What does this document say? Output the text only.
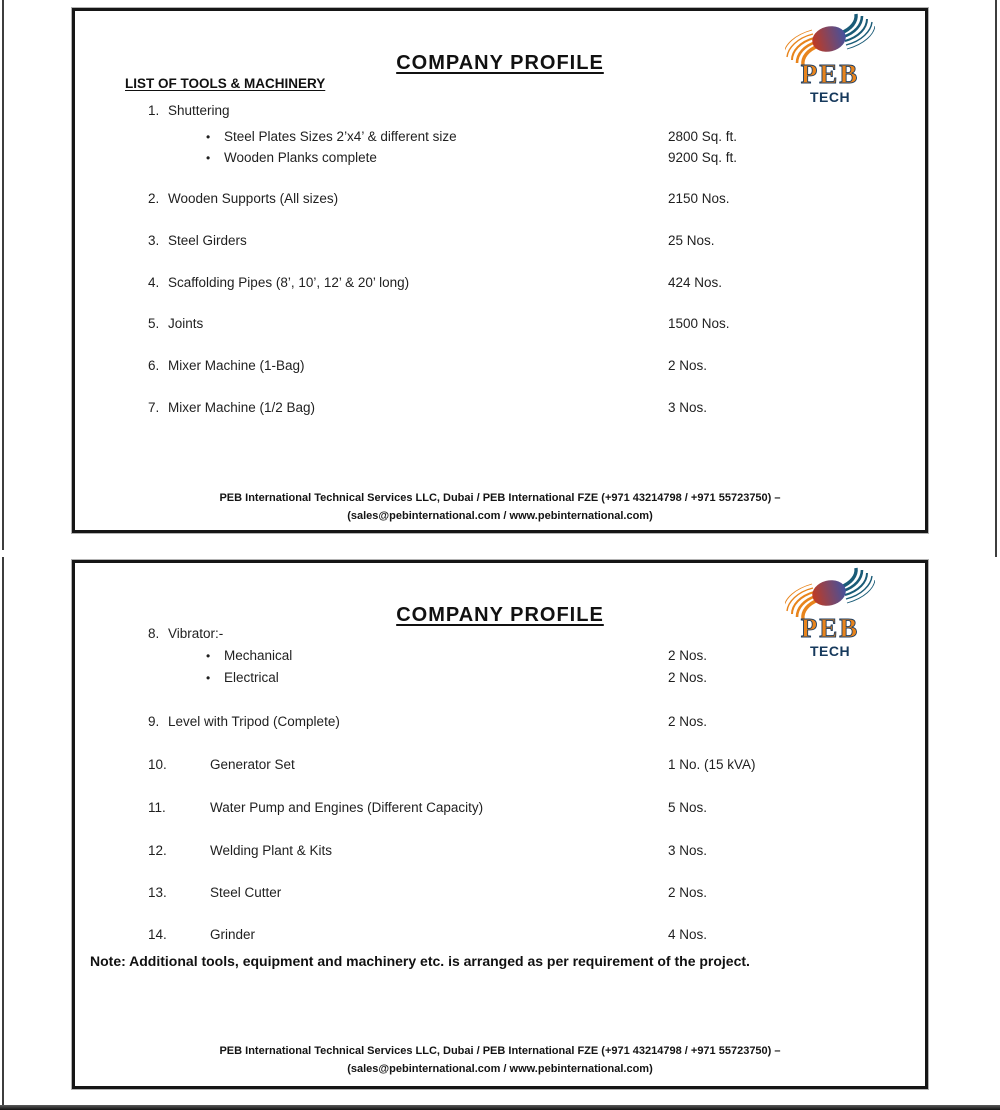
PEB
TECH
COMPANY PROFILE
LIST OF TOOLS & MACHINERY
1. Shuttering
• Steel Plates Sizes 2’x4’ & different size	2800 Sq. ft.
• Wooden Planks complete	9200 Sq. ft.
2. Wooden Supports (All sizes)	2150 Nos.
3. Steel Girders	25 Nos.
4. Scaffolding Pipes (8’, 10’, 12’ & 20’ long)	424 Nos.
5. Joints	1500 Nos.
6. Mixer Machine (1-Bag)	2 Nos.
7. Mixer Machine (1/2 Bag)	3 Nos.
PEB International Technical Services LLC, Dubai / PEB International FZE (+971 43214798 / +971 55723750) –
(sales@pebinternational.com / www.pebinternational.com)
PEB
TECH
COMPANY PROFILE
8. Vibrator:-
• Mechanical	2 Nos.
• Electrical	2 Nos.
9. Level with Tripod (Complete)	2 Nos.
10.	Generator Set	1 No. (15 kVA)
11.	Water Pump and Engines (Different Capacity)	5 Nos.
12.	Welding Plant & Kits	3 Nos.
13.	Steel Cutter	2 Nos.
14.	Grinder	4 Nos.
Note: Additional tools, equipment and machinery etc. is arranged as per requirement of the project.
PEB International Technical Services LLC, Dubai / PEB International FZE (+971 43214798 / +971 55723750) –
(sales@pebinternational.com / www.pebinternational.com)
